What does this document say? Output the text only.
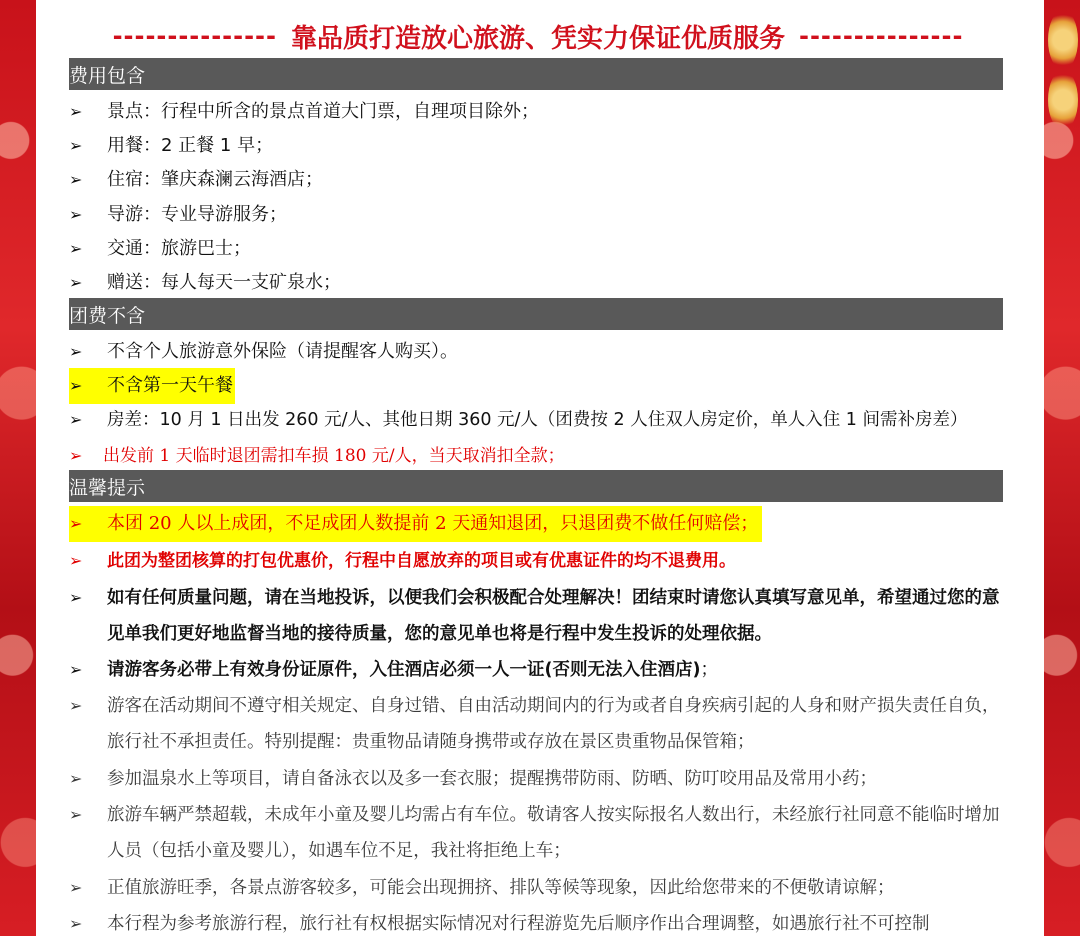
--------------- 靠品质打造放心旅游、凭实力保证优质服务 ---------------
费用包含
➢	景点：行程中所含的景点首道大门票，自理项目除外；
➢	用餐：2 正餐 1 早；
➢	住宿：肇庆森澜云海酒店；
➢	导游：专业导游服务；
➢	交通：旅游巴士；
➢	赠送：每人每天一支矿泉水；
团费不含
➢	不含个人旅游意外保险（请提醒客人购买）。
➢	不含第一天午餐
➢	房差：10 月 1 日出发 260 元/人、其他日期 360 元/人（团费按 2 人住双人房定价，单人入住 1 间需补房差）
➢	出发前 1 天临时退团需扣车损 180 元/人，当天取消扣全款；
温馨提示
➢	本团 20 人以上成团，不足成团人数提前 2 天通知退团，只退团费不做任何赔偿；
➢	此团为整团核算的打包优惠价，行程中自愿放弃的项目或有优惠证件的均不退费用。
➢	如有任何质量问题，请在当地投诉，以便我们会积极配合处理解决！团结束时请您认真填写意见单，希望通过您的意见单我们更好地监督当地的接待质量，您的意见单也将是行程中发生投诉的处理依据。
➢	请游客务必带上有效身份证原件，入住酒店必须一人一证(否则无法入住酒店)；
➢	游客在活动期间不遵守相关规定、自身过错、自由活动期间内的行为或者自身疾病引起的人身和财产损失责任自负，旅行社不承担责任。特别提醒：贵重物品请随身携带或存放在景区贵重物品保管箱；
➢	参加温泉水上等项目，请自备泳衣以及多一套衣服；提醒携带防雨、防晒、防叮咬用品及常用小药；
➢	旅游车辆严禁超载，未成年小童及婴儿均需占有车位。敬请客人按实际报名人数出行，未经旅行社同意不能临时增加人员（包括小童及婴儿），如遇车位不足，我社将拒绝上车；
➢	正值旅游旺季，各景点游客较多，可能会出现拥挤、排队等候等现象，因此给您带来的不便敬请谅解；
➢	本行程为参考旅游行程，旅行社有权根据实际情况对行程游览先后顺序作出合理调整，如遇旅行社不可控制
